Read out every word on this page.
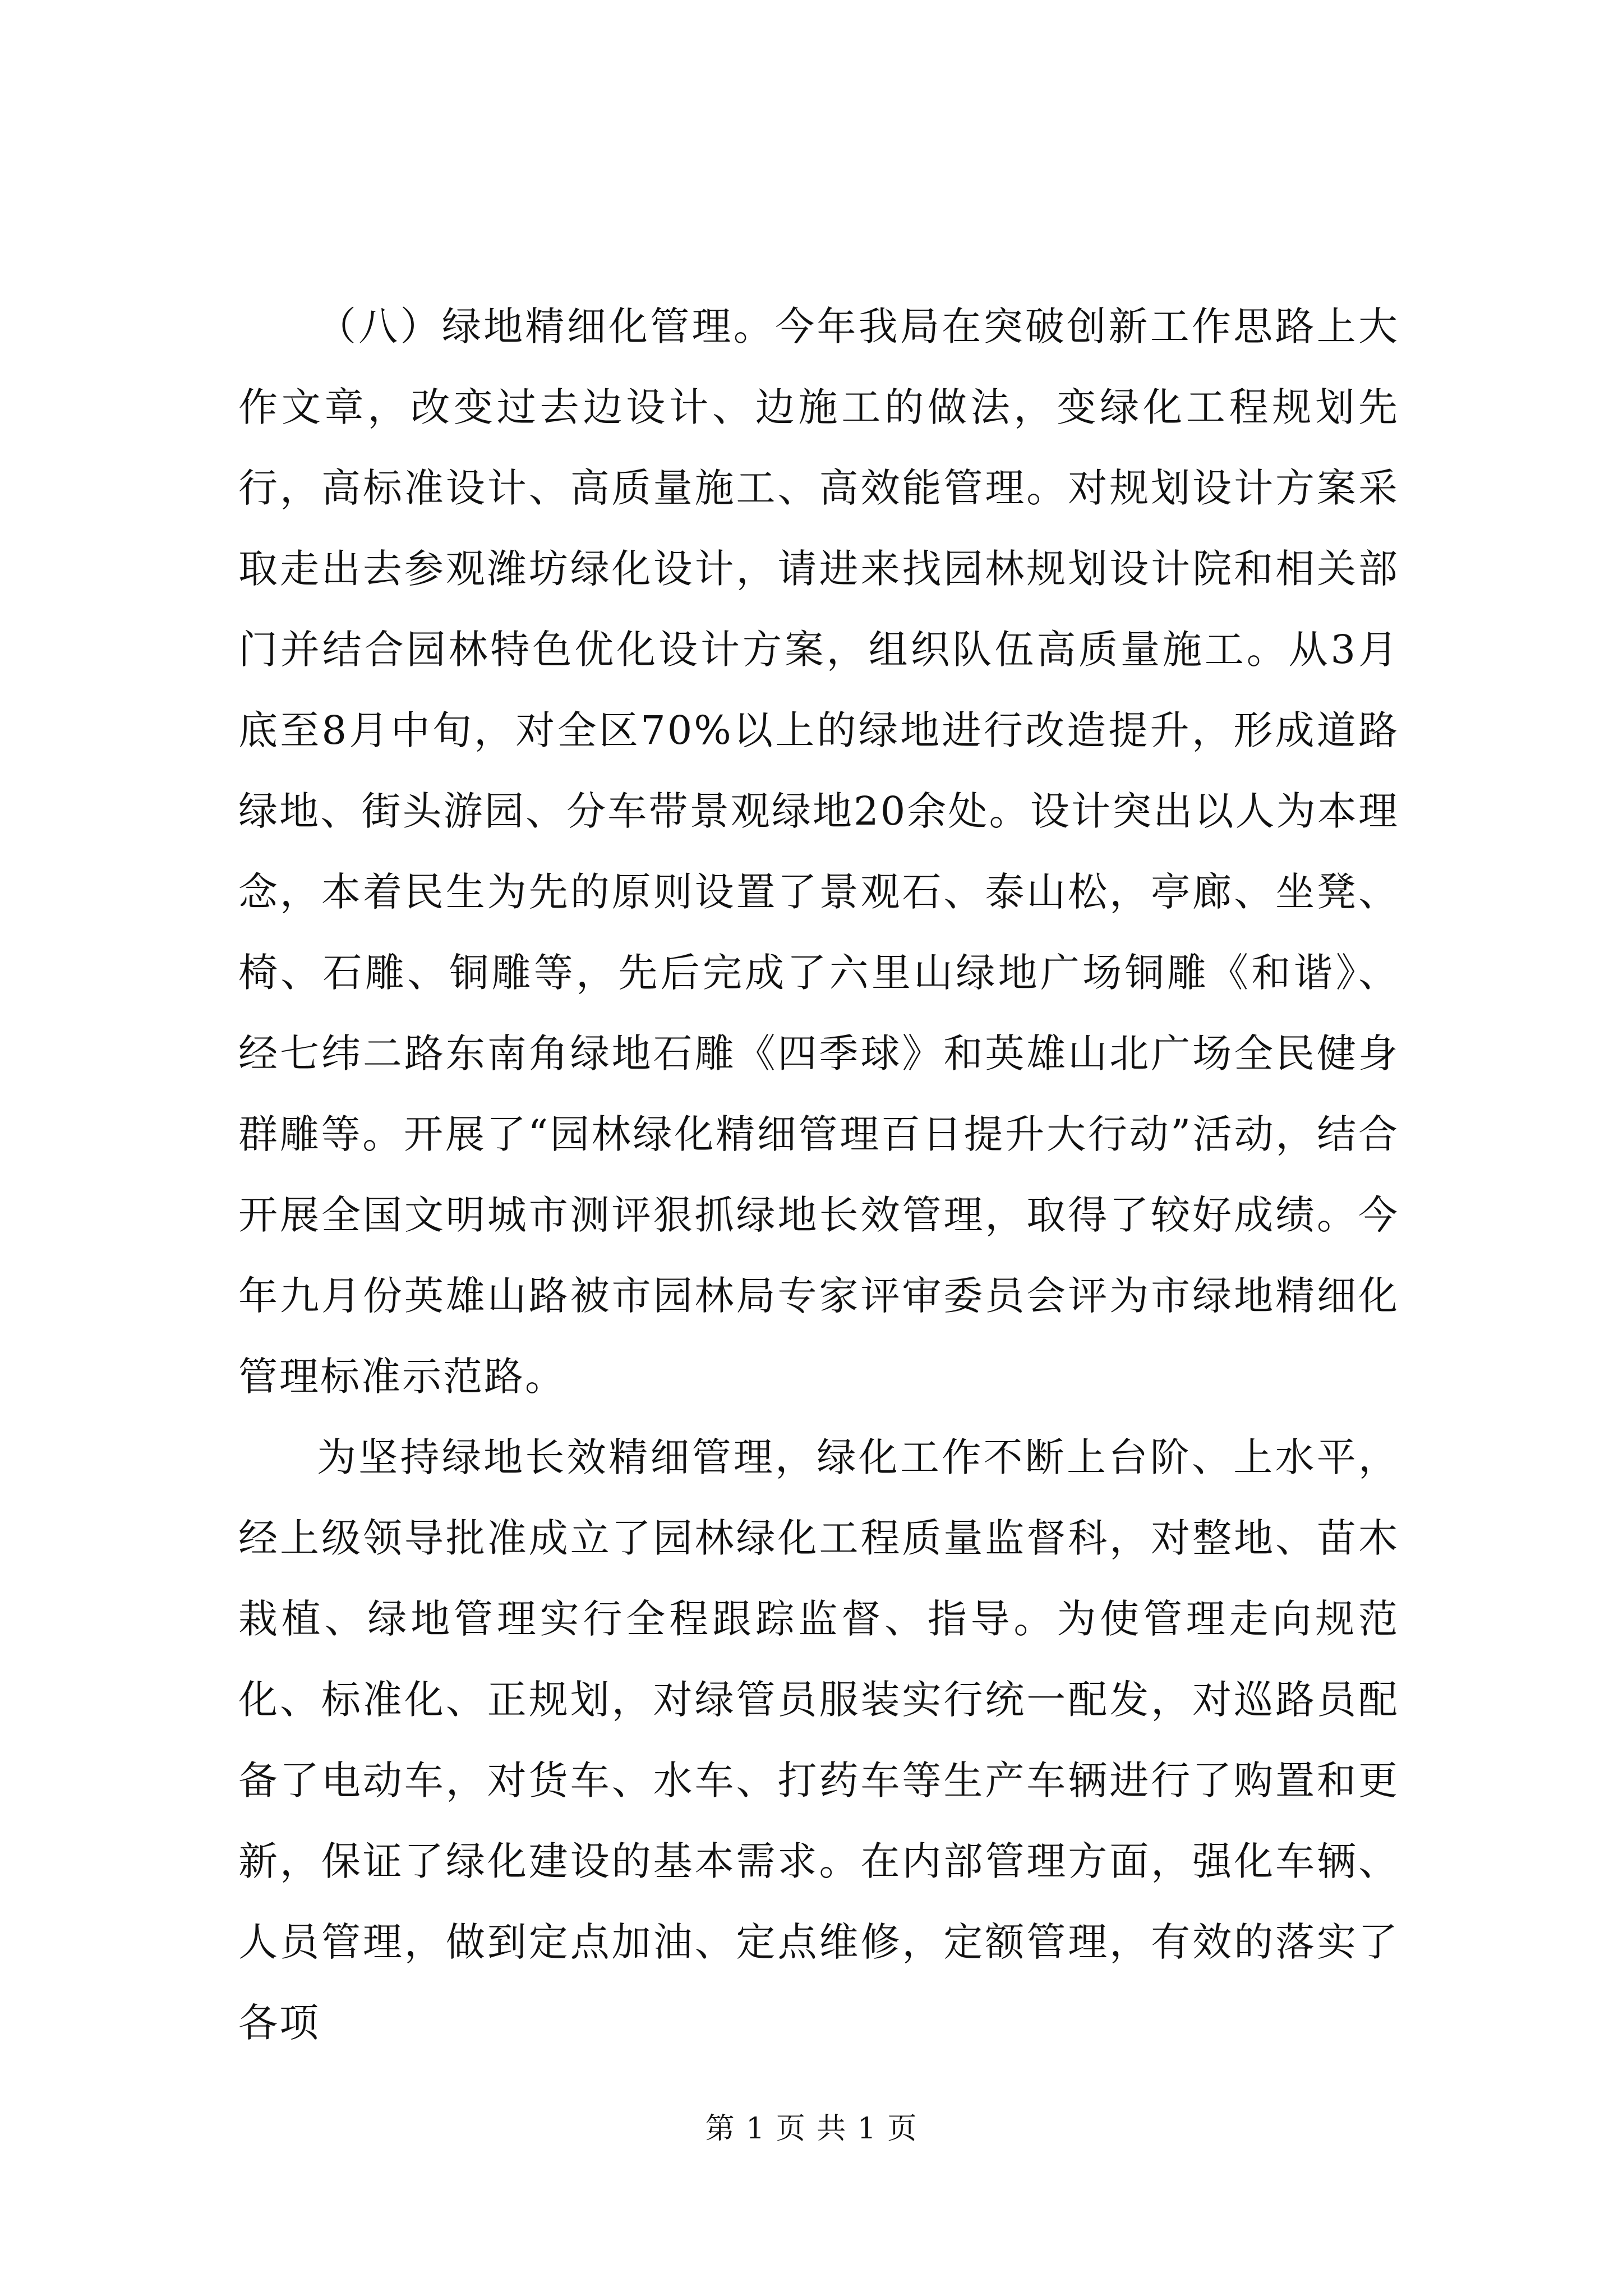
（八）绿地精细化管理。今年我局在突破创新工作思路上大作文章，改变过去边设计、边施工的做法，变绿化工程规划先行，高标准设计、高质量施工、高效能管理。对规划设计方案采取走出去参观潍坊绿化设计，请进来找园林规划设计院和相关部门并结合园林特色优化设计方案，组织队伍高质量施工。从3月底至8月中旬，对全区70%以上的绿地进行改造提升，形成道路绿地、街头游园、分车带景观绿地20余处。设计突出以人为本理念，本着民生为先的原则设置了景观石、泰山松，亭廊、坐凳、椅、石雕、铜雕等，先后完成了六里山绿地广场铜雕《和谐》、经七纬二路东南角绿地石雕《四季球》和英雄山北广场全民健身群雕等。开展了“园林绿化精细管理百日提升大行动”活动，结合开展全国文明城市测评狠抓绿地长效管理，取得了较好成绩。今年九月份英雄山路被市园林局专家评审委员会评为市绿地精细化管理标准示范路。

为坚持绿地长效精细管理，绿化工作不断上台阶、上水平，经上级领导批准成立了园林绿化工程质量监督科，对整地、苗木栽植、绿地管理实行全程跟踪监督、指导。为使管理走向规范化、标准化、正规划，对绿管员服装实行统一配发，对巡路员配备了电动车，对货车、水车、打药车等生产车辆进行了购置和更新，保证了绿化建设的基本需求。在内部管理方面，强化车辆、人员管理，做到定点加油、定点维修，定额管理，有效的落实了各项

第 1 页 共 1 页
